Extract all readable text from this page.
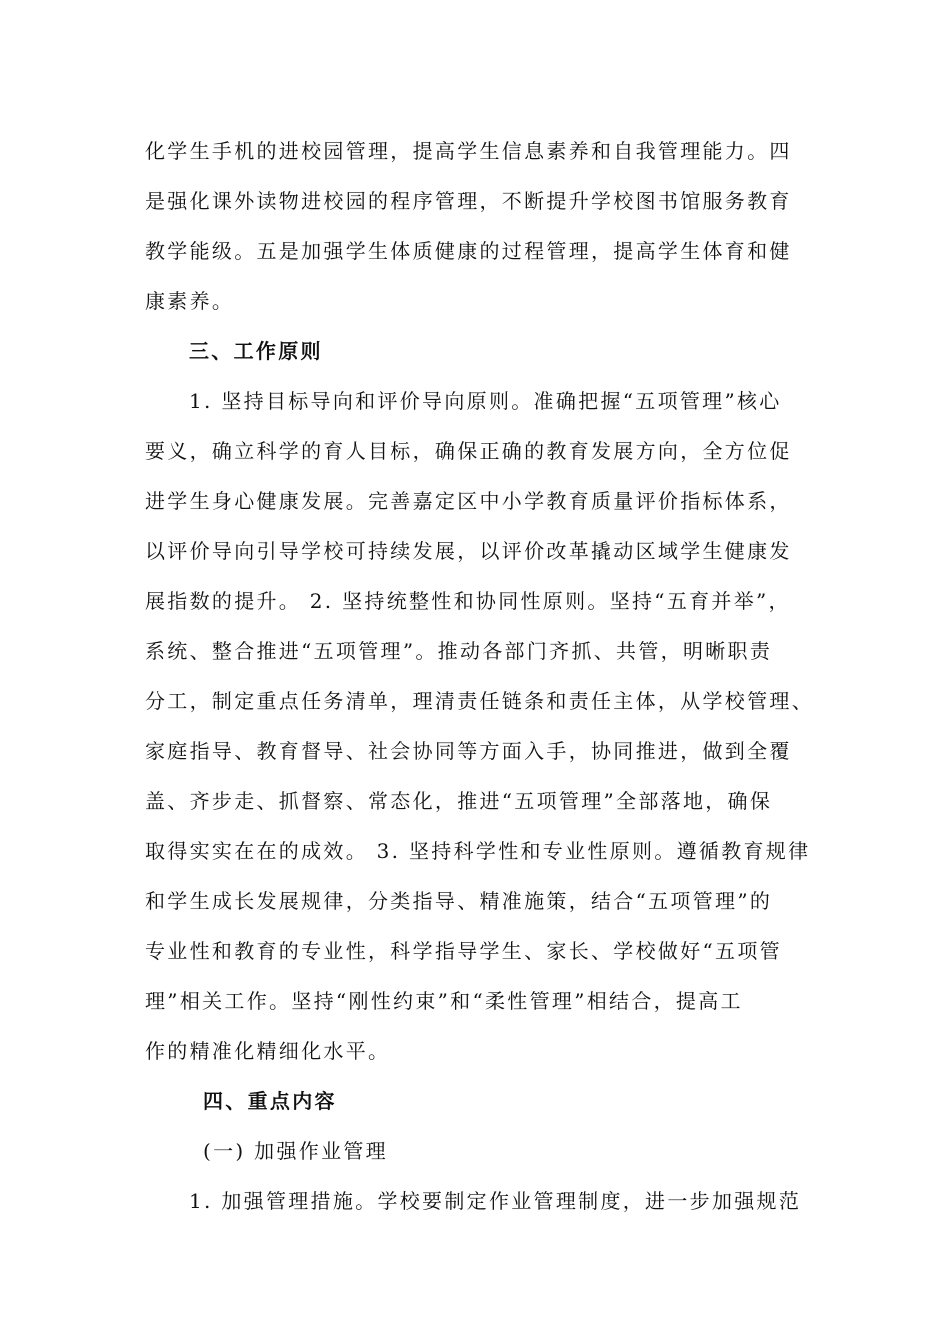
化学生手机的进校园管理，提高学生信息素养和自我管理能力。四
是强化课外读物进校园的程序管理，不断提升学校图书馆服务教育
教学能级。五是加强学生体质健康的过程管理，提高学生体育和健
康素养。
三、工作原则
1. 坚持目标导向和评价导向原则。准确把握“五项管理”核心
要义，确立科学的育人目标，确保正确的教育发展方向，全方位促
进学生身心健康发展。完善嘉定区中小学教育质量评价指标体系，
以评价导向引导学校可持续发展，以评价改革撬动区域学生健康发
展指数的提升。 2. 坚持统整性和协同性原则。坚持“五育并举”，
系统、整合推进“五项管理”。推动各部门齐抓、共管，明晰职责
分工，制定重点任务清单，理清责任链条和责任主体，从学校管理、
家庭指导、教育督导、社会协同等方面入手，协同推进，做到全覆
盖、齐步走、抓督察、常态化，推进“五项管理”全部落地，确保
取得实实在在的成效。 3. 坚持科学性和专业性原则。遵循教育规律
和学生成长发展规律，分类指导、精准施策，结合“五项管理”的
专业性和教育的专业性，科学指导学生、家长、学校做好“五项管
理”相关工作。坚持“刚性约束”和“柔性管理”相结合，提高工
作的精准化精细化水平。
四、重点内容
(一) 加强作业管理
1. 加强管理措施。学校要制定作业管理制度，进一步加强规范
